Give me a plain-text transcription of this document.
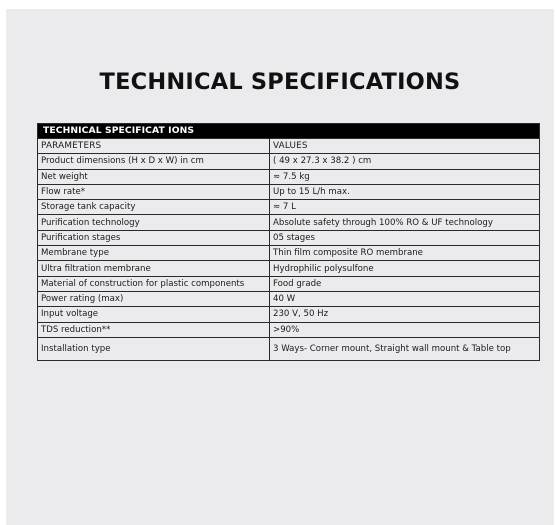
TECHNICAL SPECIFICATIONS
TECHNICAL SPECIFICAT IONS	
PARAMETERS	VALUES
Product dimensions (H x D x W) in cm	( 49 x 27.3 x 38.2 ) cm
Net weight	≈ 7.5 kg
Flow rate*	Up to 15 L/h max.
Storage tank capacity	≈ 7 L
Purification technology	Absolute safety through 100% RO & UF technology
Purification stages	05 stages
Membrane type	Thin film composite RO membrane
Ultra filtration membrane	Hydrophilic polysulfone
Material of construction for plastic components	Food grade
Power rating (max)	40 W
Input voltage	230 V, 50 Hz
TDS reduction**	>90%
Installation type	3 Ways- Corner mount, Straight wall mount & Table top
